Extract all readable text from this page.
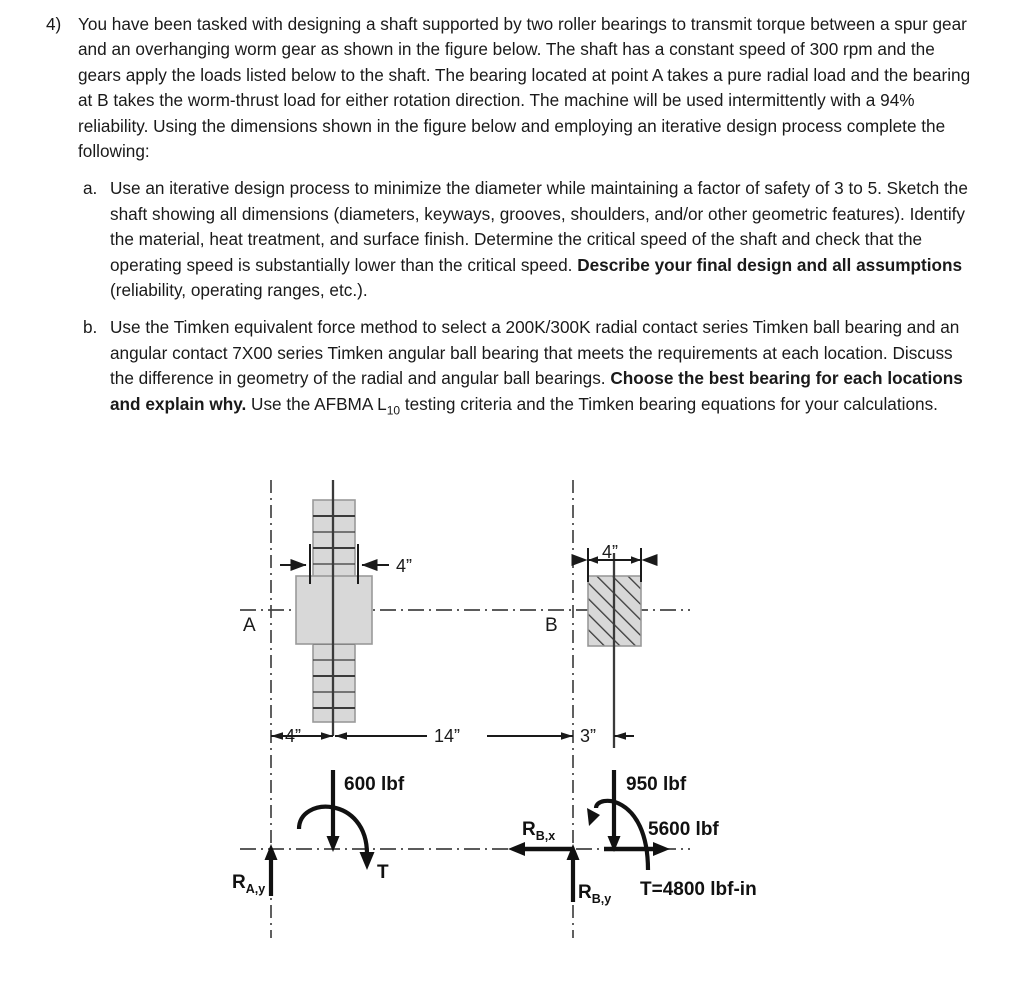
4) You have been tasked with designing a shaft supported by two roller bearings to transmit torque between a spur gear and an overhanging worm gear as shown in the figure below. The shaft has a constant speed of 300 rpm and the gears apply the loads listed below to the shaft. The bearing located at point A takes a pure radial load and the bearing at B takes the worm-thrust load for either rotation direction. The machine will be used intermittently with a 94% reliability. Using the dimensions shown in the figure below and employing an iterative design process complete the following:
a. Use an iterative design process to minimize the diameter while maintaining a factor of safety of 3 to 5. Sketch the shaft showing all dimensions (diameters, keyways, grooves, shoulders, and/or other geometric features). Identify the material, heat treatment, and surface finish. Determine the critical speed of the shaft and check that the operating speed is substantially lower than the critical speed. Describe your final design and all assumptions (reliability, operating ranges, etc.).
b. Use the Timken equivalent force method to select a 200K/300K radial contact series Timken ball bearing and an angular contact 7X00 series Timken angular ball bearing that meets the requirements at each location. Discuss the difference in geometry of the radial and angular ball bearings. Choose the best bearing for each locations and explain why. Use the AFBMA $L_{10}$ testing criteria and the Timken bearing equations for your calculations.
4”
4”
A	B
4”	14”	3”
600 lbf
T
$R_{A,y}$
950 lbf
T=4800 lbf-in
5600 lbf
$R_{B,x}$
$R_{B,y}$
